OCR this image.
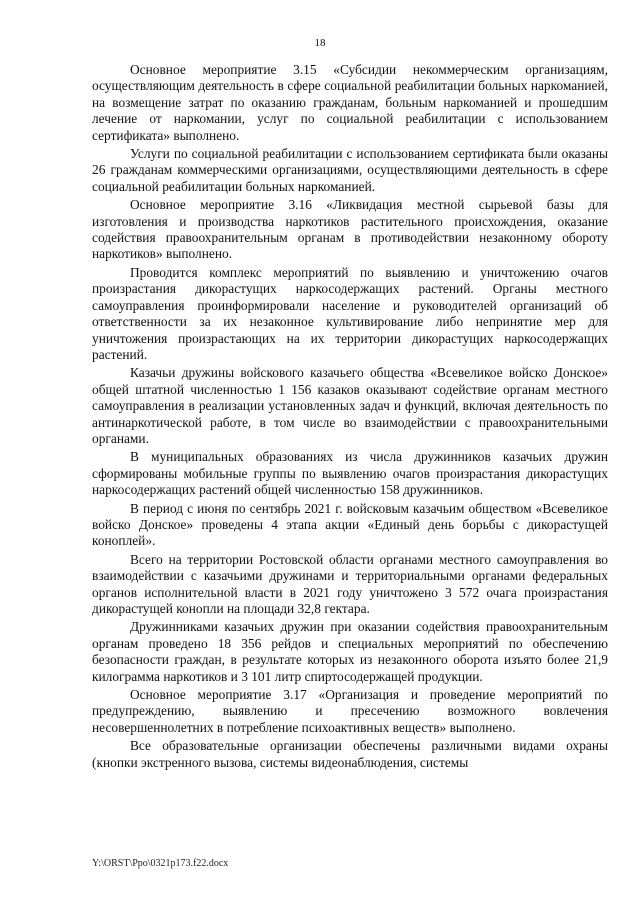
18

Основное мероприятие 3.15 «Субсидии некоммерческим организациям, осуществляющим деятельность в сфере социальной реабилитации больных наркоманией, на возмещение затрат по оказанию гражданам, больным наркоманией и прошедшим лечение от наркомании, услуг по социальной реабилитации с использованием сертификата» выполнено.

Услуги по социальной реабилитации с использованием сертификата были оказаны 26 гражданам коммерческими организациями, осуществляющими деятельность в сфере социальной реабилитации больных наркоманией.

Основное мероприятие 3.16 «Ликвидация местной сырьевой базы для изготовления и производства наркотиков растительного происхождения, оказание содействия правоохранительным органам в противодействии незаконному обороту наркотиков» выполнено.

Проводится комплекс мероприятий по выявлению и уничтожению очагов произрастания дикорастущих наркосодержащих растений. Органы местного самоуправления проинформировали население и руководителей организаций об ответственности за их незаконное культивирование либо непринятие мер для уничтожения произрастающих на их территории дикорастущих наркосодержащих растений.

Казачьи дружины войскового казачьего общества «Всевеликое войско Донское» общей штатной численностью 1 156 казаков оказывают содействие органам местного самоуправления в реализации установленных задач и функций, включая деятельность по антинаркотической работе, в том числе во взаимодействии с правоохранительными органами.

В муниципальных образованиях из числа дружинников казачьих дружин сформированы мобильные группы по выявлению очагов произрастания дикорастущих наркосодержащих растений общей численностью 158 дружинников.

В период с июня по сентябрь 2021 г. войсковым казачьим обществом «Всевеликое войско Донское» проведены 4 этапа акции «Единый день борьбы с дикорастущей коноплей».

Всего на территории Ростовской области органами местного самоуправления во взаимодействии с казачьими дружинами и территориальными органами федеральных органов исполнительной власти в 2021 году уничтожено 3 572 очага произрастания дикорастущей конопли на площади 32,8 гектара.

Дружинниками казачьих дружин при оказании содействия правоохранительным органам проведено 18 356 рейдов и специальных мероприятий по обеспечению безопасности граждан, в результате которых из незаконного оборота изъято более 21,9 килограмма наркотиков и 3 101 литр спиртосодержащей продукции.

Основное мероприятие 3.17 «Организация и проведение мероприятий по предупреждению, выявлению и пресечению возможного вовлечения несовершеннолетних в потребление психоактивных веществ» выполнено.

Все образовательные организации обеспечены различными видами охраны (кнопки экстренного вызова, системы видеонаблюдения, системы

Y:\ORST\Ppo\0321p173.f22.docx
